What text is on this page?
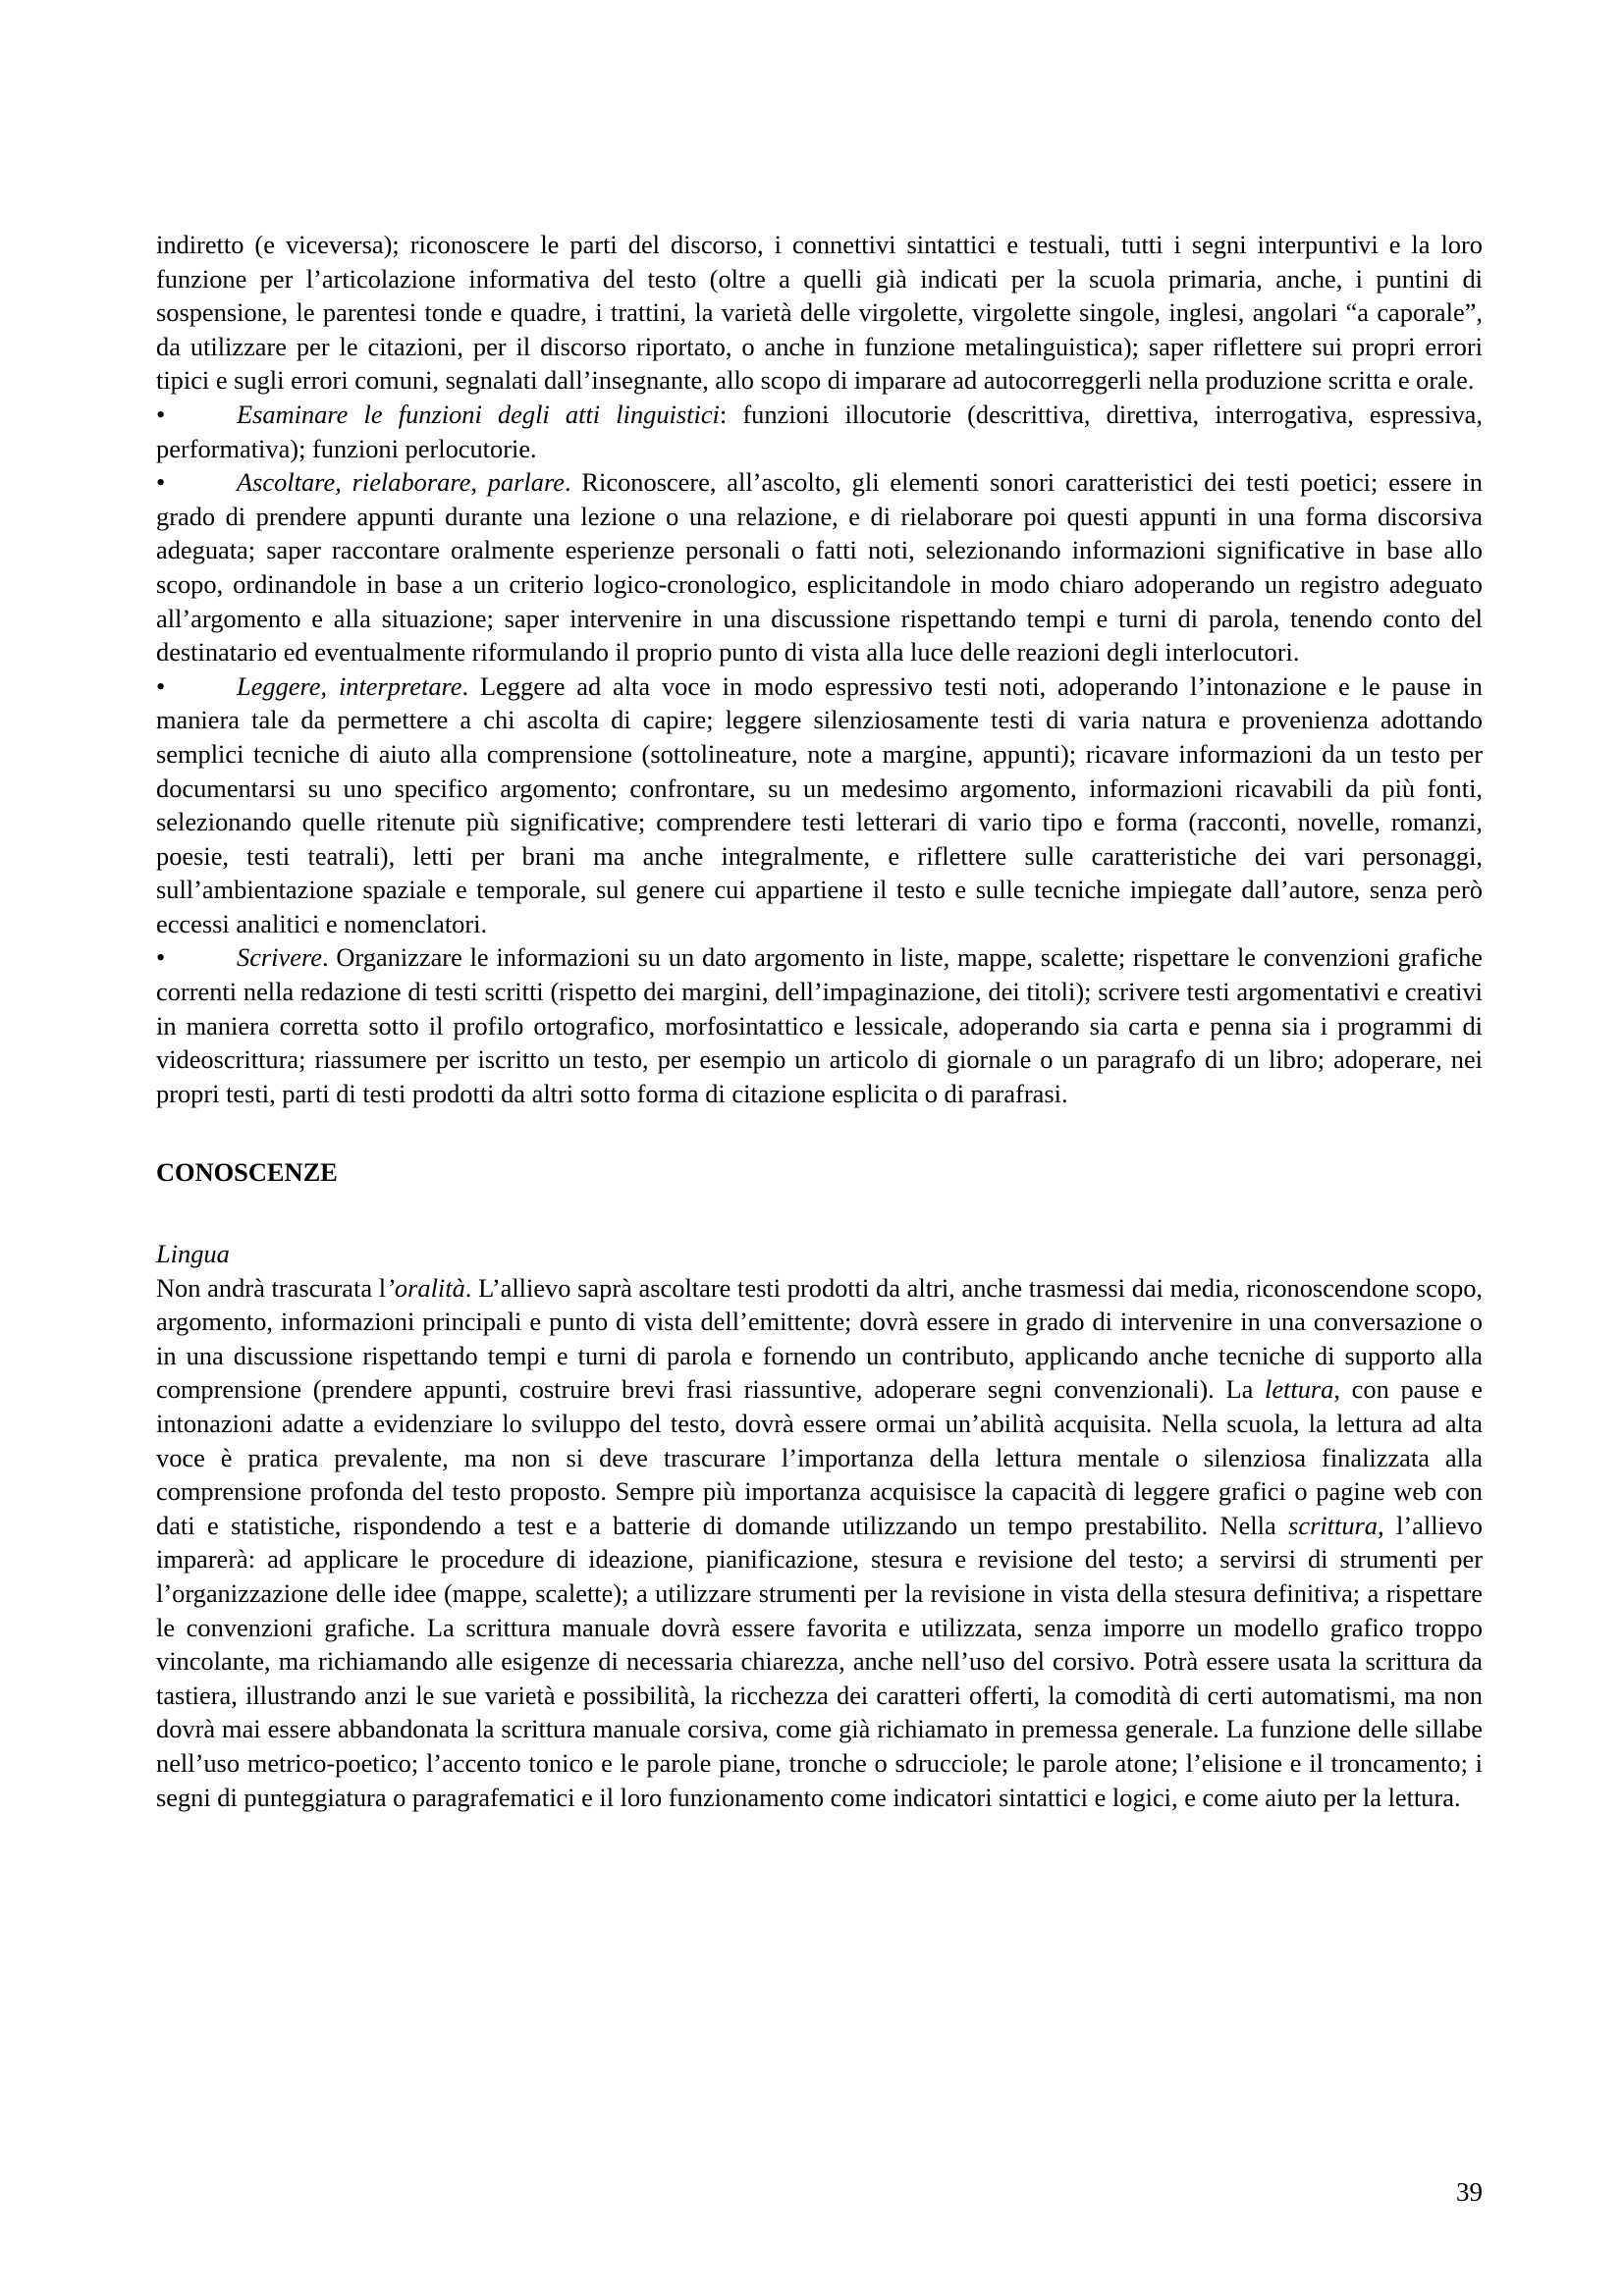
indiretto (e viceversa); riconoscere le parti del discorso, i connettivi sintattici e testuali, tutti i segni interpuntivi e la loro funzione per l’articolazione informativa del testo (oltre a quelli già indicati per la scuola primaria, anche, i puntini di sospensione, le parentesi tonde e quadre, i trattini, la varietà delle virgolette, virgolette singole, inglesi, angolari “a caporale”, da utilizzare per le citazioni, per il discorso riportato, o anche in funzione metalinguistica); saper riflettere sui propri errori tipici e sugli errori comuni, segnalati dall’insegnante, allo scopo di imparare ad autocorreggerli nella produzione scritta e orale.

•	Esaminare le funzioni degli atti linguistici: funzioni illocutorie (descrittiva, direttiva, interrogativa, espressiva, performativa); funzioni perlocutorie.

•	Ascoltare, rielaborare, parlare. Riconoscere, all’ascolto, gli elementi sonori caratteristici dei testi poetici; essere in grado di prendere appunti durante una lezione o una relazione, e di rielaborare poi questi appunti in una forma discorsiva adeguata; saper raccontare oralmente esperienze personali o fatti noti, selezionando informazioni significative in base allo scopo, ordinandole in base a un criterio logico-cronologico, esplicitandole in modo chiaro adoperando un registro adeguato all’argomento e alla situazione; saper intervenire in una discussione rispettando tempi e turni di parola, tenendo conto del destinatario ed eventualmente riformulando il proprio punto di vista alla luce delle reazioni degli interlocutori.

•	Leggere, interpretare. Leggere ad alta voce in modo espressivo testi noti, adoperando l’intonazione e le pause in maniera tale da permettere a chi ascolta di capire; leggere silenziosamente testi di varia natura e provenienza adottando semplici tecniche di aiuto alla comprensione (sottolineature, note a margine, appunti); ricavare informazioni da un testo per documentarsi su uno specifico argomento; confrontare, su un medesimo argomento, informazioni ricavabili da più fonti, selezionando quelle ritenute più significative; comprendere testi letterari di vario tipo e forma (racconti, novelle, romanzi, poesie, testi teatrali), letti per brani ma anche integralmente, e riflettere sulle caratteristiche dei vari personaggi, sull’ambientazione spaziale e temporale, sul genere cui appartiene il testo e sulle tecniche impiegate dall’autore, senza però eccessi analitici e nomenclatori.

•	Scrivere. Organizzare le informazioni su un dato argomento in liste, mappe, scalette; rispettare le convenzioni grafiche correnti nella redazione di testi scritti (rispetto dei margini, dell’impaginazione, dei titoli); scrivere testi argomentativi e creativi in maniera corretta sotto il profilo ortografico, morfosintattico e lessicale, adoperando sia carta e penna sia i programmi di videoscrittura; riassumere per iscritto un testo, per esempio un articolo di giornale o un paragrafo di un libro; adoperare, nei propri testi, parti di testi prodotti da altri sotto forma di citazione esplicita o di parafrasi.

CONOSCENZE

Lingua

Non andrà trascurata l’oralità. L’allievo saprà ascoltare testi prodotti da altri, anche trasmessi dai media, riconoscendone scopo, argomento, informazioni principali e punto di vista dell’emittente; dovrà essere in grado di intervenire in una conversazione o in una discussione rispettando tempi e turni di parola e fornendo un contributo, applicando anche tecniche di supporto alla comprensione (prendere appunti, costruire brevi frasi riassuntive, adoperare segni convenzionali). La lettura, con pause e intonazioni adatte a evidenziare lo sviluppo del testo, dovrà essere ormai un’abilità acquisita. Nella scuola, la lettura ad alta voce è pratica prevalente, ma non si deve trascurare l’importanza della lettura mentale o silenziosa finalizzata alla comprensione profonda del testo proposto. Sempre più importanza acquisisce la capacità di leggere grafici o pagine web con dati e statistiche, rispondendo a test e a batterie di domande utilizzando un tempo prestabilito. Nella scrittura, l’allievo imparerà: ad applicare le procedure di ideazione, pianificazione, stesura e revisione del testo; a servirsi di strumenti per l’organizzazione delle idee (mappe, scalette); a utilizzare strumenti per la revisione in vista della stesura definitiva; a rispettare le convenzioni grafiche. La scrittura manuale dovrà essere favorita e utilizzata, senza imporre un modello grafico troppo vincolante, ma richiamando alle esigenze di necessaria chiarezza, anche nell’uso del corsivo. Potrà essere usata la scrittura da tastiera, illustrando anzi le sue varietà e possibilità, la ricchezza dei caratteri offerti, la comodità di certi automatismi, ma non dovrà mai essere abbandonata la scrittura manuale corsiva, come già richiamato in premessa generale. La funzione delle sillabe nell’uso metrico-poetico; l’accento tonico e le parole piane, tronche o sdrucciole; le parole atone; l’elisione e il troncamento; i segni di punteggiatura o paragrafematici e il loro funzionamento come indicatori sintattici e logici, e come aiuto per la lettura.

39
